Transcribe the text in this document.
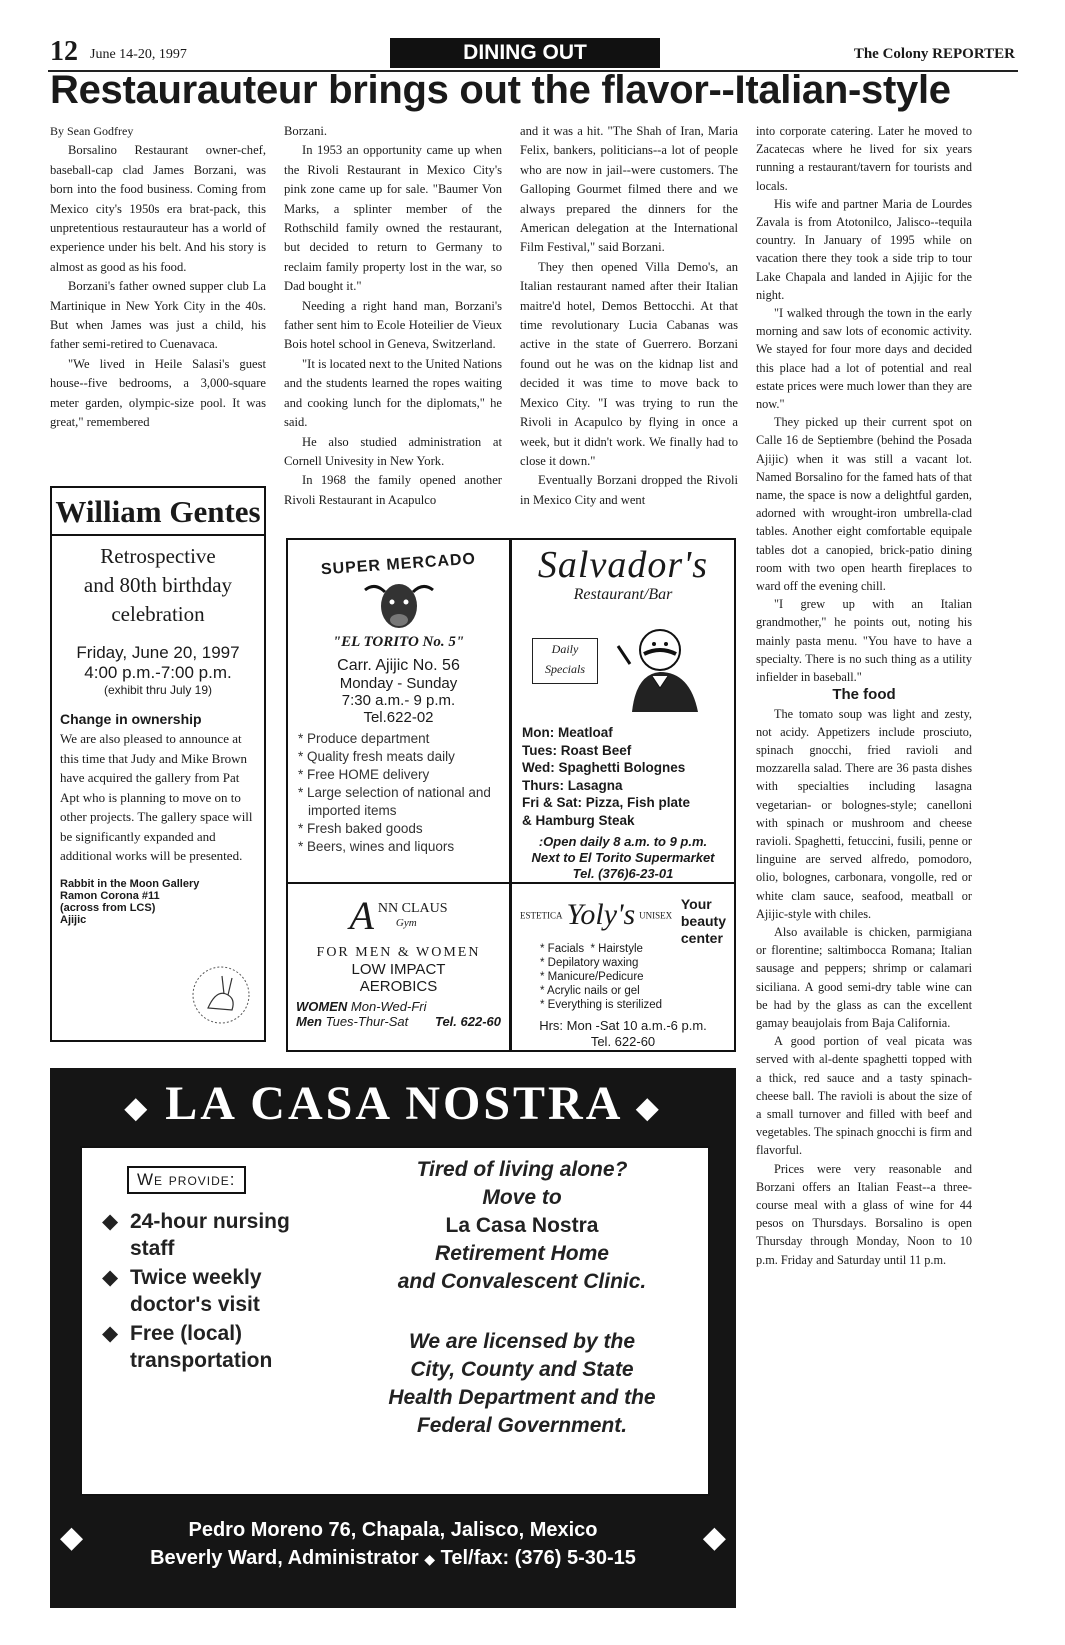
12 June 14-20, 1997	DINING OUT	The Colony REPORTER
Restaurauteur brings out the flavor--Italian-style

By Sean Godfrey

Borsalino Restaurant owner-chef, baseball-cap clad James Borzani, was born into the food business. Coming from Mexico city's 1950s era brat-pack, this unpretentious restaurauteur has a world of experience under his belt. And his story is almost as good as his food.

Borzani's father owned supper club La Martinique in New York City in the 40s. But when James was just a child, his father semi-retired to Cuenavaca.

"We lived in Heile Salasi's guest house--five bedrooms, a 3,000-square meter garden, olympic-size pool. It was great," remembered

Borzani.

In 1953 an opportunity came up when the Rivoli Restaurant in Mexico City's pink zone came up for sale. "Baumer Von Marks, a splinter member of the Rothschild family owned the restaurant, but decided to return to Germany to reclaim family property lost in the war, so Dad bought it."

Needing a right hand man, Borzani's father sent him to Ecole Hoteilier de Vieux Bois hotel school in Geneva, Switzerland.

"It is located next to the United Nations and the students learned the ropes waiting and cooking lunch for the diplomats," he said.

He also studied administration at Cornell Univesity in New York.

In 1968 the family opened another Rivoli Restaurant in Acapulco

and it was a hit. "The Shah of Iran, Maria Felix, bankers, politicians--a lot of people who are now in jail--were customers. The Galloping Gourmet filmed there and we always prepared the dinners for the American delegation at the International Film Festival," said Borzani.

They then opened Villa Demo's, an Italian restaurant named after their Italian maitre'd hotel, Demos Bettocchi. At that time revolutionary Lucia Cabanas was active in the state of Guerrero. Borzani found out he was on the kidnap list and decided it was time to move back to Mexico City. "I was trying to run the Rivoli in Acapulco by flying in once a week, but it didn't work. We finally had to close it down."

Eventually Borzani dropped the Rivoli in Mexico City and went

into corporate catering. Later he moved to Zacatecas where he lived for six years running a restaurant/tavern for tourists and locals.

His wife and partner Maria de Lourdes Zavala is from Atotonilco, Jalisco--tequila country. In January of 1995 while on vacation there they took a side trip to tour Lake Chapala and landed in Ajijic for the night.

"I walked through the town in the early morning and saw lots of economic activity. We stayed for four more days and decided this place had a lot of potential and real estate prices were much lower than they are now."

They picked up their current spot on Calle 16 de Septiembre (behind the Posada Ajijic) when it was still a vacant lot. Named Borsalino for the famed hats of that name, the space is now a delightful garden, adorned with wrought-iron umbrella-clad tables. Another eight comfortable equipale tables dot a canopied, brick-patio dining room with two open hearth fireplaces to ward off the evening chill.

"I grew up with an Italian grandmother," he points out, noting his mainly pasta menu. "You have to have a specialty. There is no such thing as a utility infielder in baseball."

The food

The tomato soup was light and zesty, not acidy. Appetizers include prosciuto, spinach gnocchi, fried ravioli and mozzarella salad. There are 36 pasta dishes with specialties including lasagna vegetarian- or bolognes-style; canelloni with spinach or mushroom and cheese ravioli. Spaghetti, fetuccini, fusili, penne or linguine are served alfredo, pomodoro, olio, bolognes, carbonara, vongolle, red or white clam sauce, seafood, meatball or Ajijic-style with chiles.

Also available is chicken, parmigiana or florentine; saltimbocca Romana; Italian sausage and peppers; shrimp or calamari siciliana. A good semi-dry table wine can be had by the glass as can the excellent gamay beaujolais from Baja California.

A good portion of veal picata was served with al-dente spaghetti topped with a thick, red sauce and a tasty spinach-cheese ball. The ravioli is about the size of a small turnover and filled with beef and vegetables. The spinach gnocchi is firm and flavorful.

Prices were very reasonable and Borzani offers an Italian Feast--a three-course meal with a glass of wine for 44 pesos on Thursdays. Borsalino is open Thursday through Monday, Noon to 10 p.m. Friday and Saturday until 11 p.m.

William Gentes
Retrospective
and 80th birthday
celebration
Friday, June 20, 1997
4:00 p.m.-7:00 p.m.
(exhibit thru July 19)
Change in ownership
We are also pleased to announce at this time that Judy and Mike Brown have acquired the gallery from Pat Apt who is planning to move on to other projects. The gallery space will be significantly expanded and additional works will be presented.
Rabbit in the Moon Gallery
Ramon Corona #11
(across from LCS)
Ajijic
SUPER MERCADO
"EL TORITO No. 5"
Carr. Ajijic No. 56
Monday - Sunday
7:30 a.m.- 9 p.m.
Tel.622-02
* Produce department
* Quality fresh meats daily
* Free HOME delivery
* Large selection of national and imported items
* Fresh baked goods
* Beers, wines and liquors
Salvador's
Restaurant/Bar
Daily
Specials
Mon: Meatloaf
Tues: Roast Beef
Wed: Spaghetti Bolognes
Thurs: Lasagna
Fri & Sat: Pizza, Fish plate
& Hamburg Steak
:Open daily 8 a.m. to 9 p.m.
Next to El Torito Supermarket
Tel. (376)6-23-01
A NN CLAUS
Gym
FOR MEN & WOMEN
LOW IMPACT
AEROBICS
WOMEN Mon-Wed-Fri
Men Tues-Thur-Sat Tel. 622-60
ESTETICA Yoly's UNISEX
Your
beauty
center
* Facials  * Hairstyle
* Depilatory waxing
* Manicure/Pedicure
* Acrylic nails or gel
* Everything is sterilized
Hrs: Mon -Sat 10 a.m.-6 p.m.
Tel. 622-60
◆ LA CASA NOSTRA ◆
We provide:
◆ 24-hour nursing staff
◆ Twice weekly doctor's visit
◆ Free (local) transportation
Tired of living alone?
Move to
La Casa Nostra
Retirement Home
and Convalescent Clinic.
We are licensed by the
City, County and State
Health Department and the
Federal Government.
Pedro Moreno 76, Chapala, Jalisco, Mexico
Beverly Ward, Administrator ◆ Tel/fax: (376) 5-30-15
◆	◆
